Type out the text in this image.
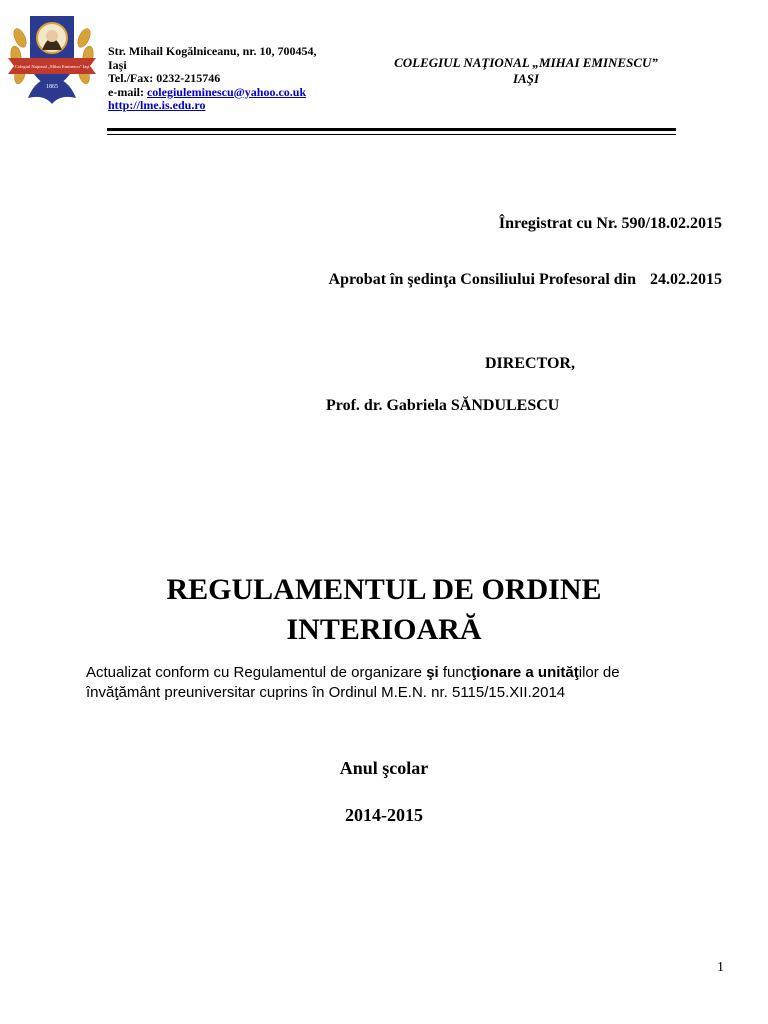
Colegiul Naţional „Mihai Eminescu” Iaşi
1865
Str. Mihail Kogălniceanu, nr. 10, 700454,
Iaşi
Tel./Fax: 0232-215746
e-mail: colegiuleminescu@yahoo.co.uk
http://lme.is.edu.ro
COLEGIUL NAŢIONAL „MIHAI EMINESCU”
IAŞI
Înregistrat cu Nr. 590/18.02.2015
Aprobat în şedinţa Consiliului Profesoral din 24.02.2015
DIRECTOR,
Prof. dr. Gabriela SĂNDULESCU
REGULAMENTUL DE ORDINE
INTERIOARĂ
Actualizat conform cu Regulamentul de organizare şi funcţionare a unităţilor de
învăţământ preuniversitar cuprins în Ordinul M.E.N. nr. 5115/15.XII.2014
Anul şcolar
2014-2015
1
